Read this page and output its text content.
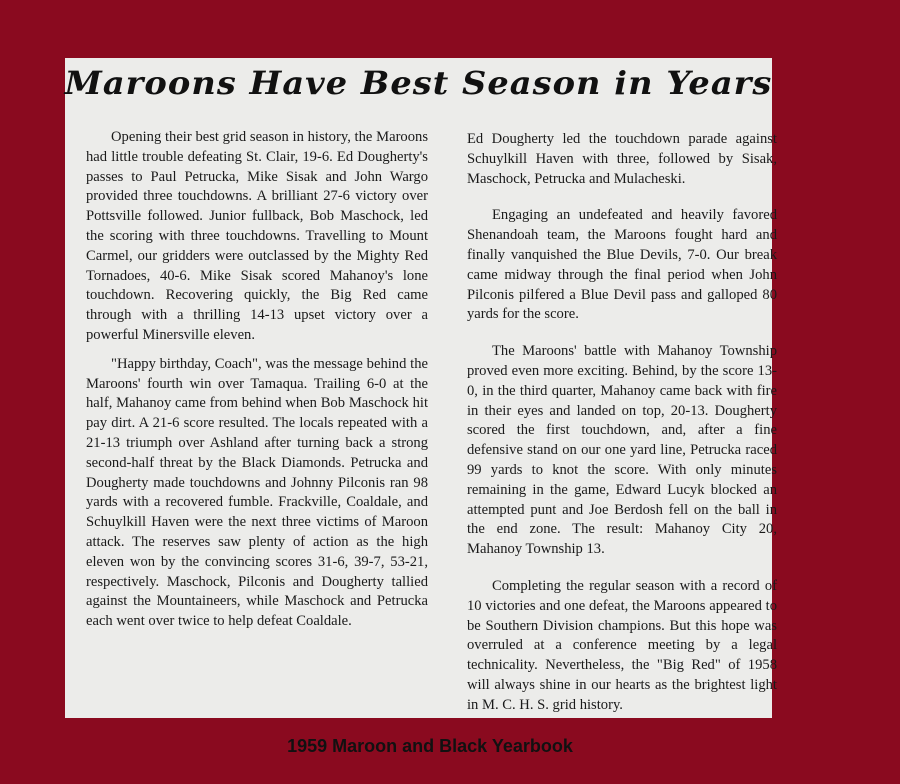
Maroons Have Best Season in Years

Opening their best grid season in history, the Maroons had little trouble defeating St. Clair, 19-6. Ed Dougherty's passes to Paul Petrucka, Mike Sisak and John Wargo provided three touchdowns. A brilliant 27-6 victory over Pottsville followed. Junior fullback, Bob Maschock, led the scoring with three touchdowns. Travelling to Mount Carmel, our gridders were outclassed by the Mighty Red Tornadoes, 40-6. Mike Sisak scored Mahanoy's lone touchdown. Recovering quickly, the Big Red came through with a thrilling 14-13 upset victory over a powerful Minersville eleven.

"Happy birthday, Coach", was the message behind the Maroons' fourth win over Tamaqua. Trailing 6-0 at the half, Mahanoy came from behind when Bob Maschock hit pay dirt. A 21-6 score resulted. The locals repeated with a 21-13 triumph over Ashland after turning back a strong second-half threat by the Black Diamonds. Petrucka and Dougherty made touchdowns and Johnny Pilconis ran 98 yards with a recovered fumble. Frackville, Coaldale, and Schuylkill Haven were the next three victims of Maroon attack. The reserves saw plenty of action as the high eleven won by the convincing scores 31-6, 39-7, 53-21, respectively. Maschock, Pilconis and Dougherty tallied against the Mountaineers, while Maschock and Petrucka each went over twice to help defeat Coaldale.

Ed Dougherty led the touchdown parade against Schuylkill Haven with three, followed by Sisak, Maschock, Petrucka and Mulacheski.

Engaging an undefeated and heavily favored Shenandoah team, the Maroons fought hard and finally vanquished the Blue Devils, 7-0. Our break came midway through the final period when John Pilconis pilfered a Blue Devil pass and galloped 80 yards for the score.

The Maroons' battle with Mahanoy Township proved even more exciting. Behind, by the score 13-0, in the third quarter, Mahanoy came back with fire in their eyes and landed on top, 20-13. Dougherty scored the first touchdown, and, after a fine defensive stand on our one yard line, Petrucka raced 99 yards to knot the score. With only minutes remaining in the game, Edward Lucyk blocked an attempted punt and Joe Berdosh fell on the ball in the end zone. The result: Mahanoy City 20, Mahanoy Township 13.

Completing the regular season with a record of 10 victories and one defeat, the Maroons appeared to be Southern Division champions. But this hope was overruled at a conference meeting by a legal technicality. Nevertheless, the "Big Red" of 1958 will always shine in our hearts as the brightest light in M. C. H. S. grid history.

1959 Maroon and Black Yearbook
